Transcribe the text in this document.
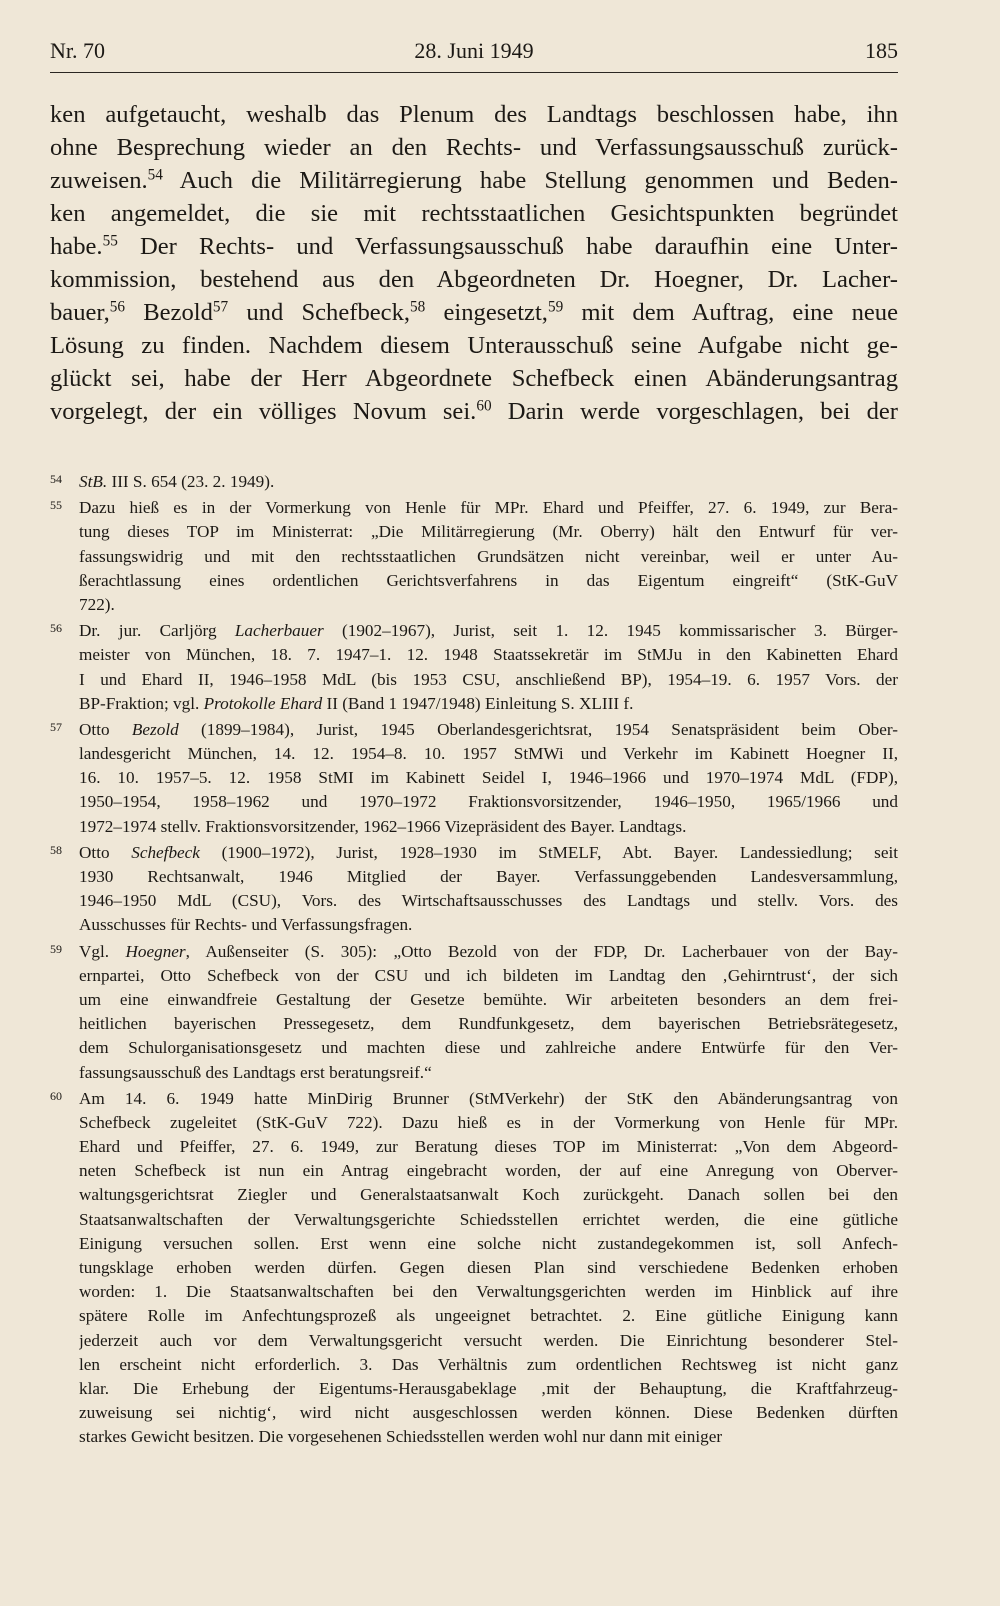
Nr. 70	28. Juni 1949	185
ken aufgetaucht, weshalb das Plenum des Landtags beschlossen habe, ihn
ohne Besprechung wieder an den Rechts- und Verfassungsausschuß zurück-
zuweisen.$^{54}$ Auch die Militärregierung habe Stellung genommen und Beden-
ken angemeldet, die sie mit rechtsstaatlichen Gesichtspunkten begründet
habe.$^{55}$ Der Rechts- und Verfassungsausschuß habe daraufhin eine Unter-
kommission, bestehend aus den Abgeordneten Dr. Hoegner, Dr. Lacher-
bauer,$^{56}$ Bezold$^{57}$ und Schefbeck,$^{58}$ eingesetzt,$^{59}$ mit dem Auftrag, eine neue
Lösung zu finden. Nachdem diesem Unterausschuß seine Aufgabe nicht ge-
glückt sei, habe der Herr Abgeordnete Schefbeck einen Abänderungsantrag
vorgelegt, der ein völliges Novum sei.$^{60}$ Darin werde vorgeschlagen, bei der
54 StB. III S. 654 (23. 2. 1949).
55 Dazu hieß es in der Vormerkung von Henle für MPr. Ehard und Pfeiffer, 27. 6. 1949, zur Bera-
tung dieses TOP im Ministerrat: „Die Militärregierung (Mr. Oberry) hält den Entwurf für ver-
fassungswidrig und mit den rechtsstaatlichen Grundsätzen nicht vereinbar, weil er unter Au-
ßerachtlassung eines ordentlichen Gerichtsverfahrens in das Eigentum eingreift“ (StK-GuV
722).
56 Dr. jur. Carljörg Lacherbauer (1902–1967), Jurist, seit 1. 12. 1945 kommissarischer 3. Bürger-
meister von München, 18. 7. 1947–1. 12. 1948 Staatssekretär im StMJu in den Kabinetten Ehard
I und Ehard II, 1946–1958 MdL (bis 1953 CSU, anschließend BP), 1954–19. 6. 1957 Vors. der
BP-Fraktion; vgl. Protokolle Ehard II (Band 1 1947/1948) Einleitung S. XLIII f.
57 Otto Bezold (1899–1984), Jurist, 1945 Oberlandesgerichtsrat, 1954 Senatspräsident beim Ober-
landesgericht München, 14. 12. 1954–8. 10. 1957 StMWi und Verkehr im Kabinett Hoegner II,
16. 10. 1957–5. 12. 1958 StMI im Kabinett Seidel I, 1946–1966 und 1970–1974 MdL (FDP),
1950–1954, 1958–1962 und 1970–1972 Fraktionsvorsitzender, 1946–1950, 1965/1966 und
1972–1974 stellv. Fraktionsvorsitzender, 1962–1966 Vizepräsident des Bayer. Landtags.
58 Otto Schefbeck (1900–1972), Jurist, 1928–1930 im StMELF, Abt. Bayer. Landessiedlung; seit
1930 Rechtsanwalt, 1946 Mitglied der Bayer. Verfassunggebenden Landesversammlung,
1946–1950 MdL (CSU), Vors. des Wirtschaftsausschusses des Landtags und stellv. Vors. des
Ausschusses für Rechts- und Verfassungsfragen.
59 Vgl. Hoegner, Außenseiter (S. 305): „Otto Bezold von der FDP, Dr. Lacherbauer von der Bay-
ernpartei, Otto Schefbeck von der CSU und ich bildeten im Landtag den ‚Gehirntrust‘, der sich
um eine einwandfreie Gestaltung der Gesetze bemühte. Wir arbeiteten besonders an dem frei-
heitlichen bayerischen Pressegesetz, dem Rundfunkgesetz, dem bayerischen Betriebsrätegesetz,
dem Schulorganisationsgesetz und machten diese und zahlreiche andere Entwürfe für den Ver-
fassungsausschuß des Landtags erst beratungsreif.“
60 Am 14. 6. 1949 hatte MinDirig Brunner (StMVerkehr) der StK den Abänderungsantrag von
Schefbeck zugeleitet (StK-GuV 722). Dazu hieß es in der Vormerkung von Henle für MPr.
Ehard und Pfeiffer, 27. 6. 1949, zur Beratung dieses TOP im Ministerrat: „Von dem Abgeord-
neten Schefbeck ist nun ein Antrag eingebracht worden, der auf eine Anregung von Oberver-
waltungsgerichtsrat Ziegler und Generalstaatsanwalt Koch zurückgeht. Danach sollen bei den
Staatsanwaltschaften der Verwaltungsgerichte Schiedsstellen errichtet werden, die eine gütliche
Einigung versuchen sollen. Erst wenn eine solche nicht zustandegekommen ist, soll Anfech-
tungsklage erhoben werden dürfen. Gegen diesen Plan sind verschiedene Bedenken erhoben
worden: 1. Die Staatsanwaltschaften bei den Verwaltungsgerichten werden im Hinblick auf ihre
spätere Rolle im Anfechtungsprozeß als ungeeignet betrachtet. 2. Eine gütliche Einigung kann
jederzeit auch vor dem Verwaltungsgericht versucht werden. Die Einrichtung besonderer Stel-
len erscheint nicht erforderlich. 3. Das Verhältnis zum ordentlichen Rechtsweg ist nicht ganz
klar. Die Erhebung der Eigentums-Herausgabeklage ‚mit der Behauptung, die Kraftfahrzeug-
zuweisung sei nichtig‘, wird nicht ausgeschlossen werden können. Diese Bedenken dürften
starkes Gewicht besitzen. Die vorgesehenen Schiedsstellen werden wohl nur dann mit einiger
